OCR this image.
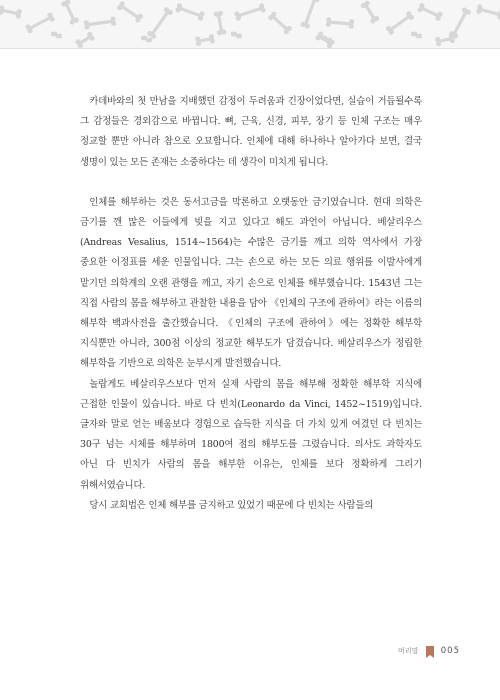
카데바와의 첫 만남을 지배했던 감정이 두려움과 긴장이었다면, 실습이 거듭될수록 그 감정들은 경외감으로 바뀝니다. 뼈, 근육, 신경, 피부, 장기 등 인체 구조는 매우 정교할 뿐만 아니라 참으로 오묘합니다. 인체에 대해 하나하나 알아가다 보면, 결국 생명이 있는 모든 존재는 소중하다는 데 생각이 미치게 됩니다.

인체를 해부하는 것은 동서고금을 막론하고 오랫동안 금기였습니다. 현대 의학은 금기를 깬 많은 이들에게 빚을 지고 있다고 해도 과언이 아닙니다. 베살리우스(Andreas Vesalius, 1514~1564)는 수많은 금기를 깨고 의학 역사에서 가장 중요한 이정표를 세운 인물입니다. 그는 손으로 하는 모든 의료 행위를 이발사에게 맡기던 의학계의 오랜 관행을 깨고, 자기 손으로 인체를 해부했습니다. 1543년 그는 직접 사람의 몸을 해부하고 관찰한 내용을 담아 《인체의 구조에 관하여》라는 이름의 해부학 백과사전을 출간했습니다. 《인체의 구조에 관하여》에는 정확한 해부학 지식뿐만 아니라, 300점 이상의 정교한 해부도가 담겼습니다. 베살리우스가 정립한 해부학을 기반으로 의학은 눈부시게 발전했습니다.

놀랍게도 베살리우스보다 먼저 실제 사람의 몸을 해부해 정확한 해부학 지식에 근접한 인물이 있습니다. 바로 다 빈치(Leonardo da Vinci, 1452~1519)입니다. 글자와 말로 얻는 배움보다 경험으로 습득한 지식을 더 가치 있게 여겼던 다 빈치는 30구 넘는 시체를 해부하며 1800여 점의 해부도를 그렸습니다. 의사도 과학자도 아닌 다 빈치가 사람의 몸을 해부한 이유는, 인체를 보다 정확하게 그리기 위해서였습니다.

당시 교회법은 인체 해부를 금지하고 있었기 때문에 다 빈치는 사람들의

머리말	005
